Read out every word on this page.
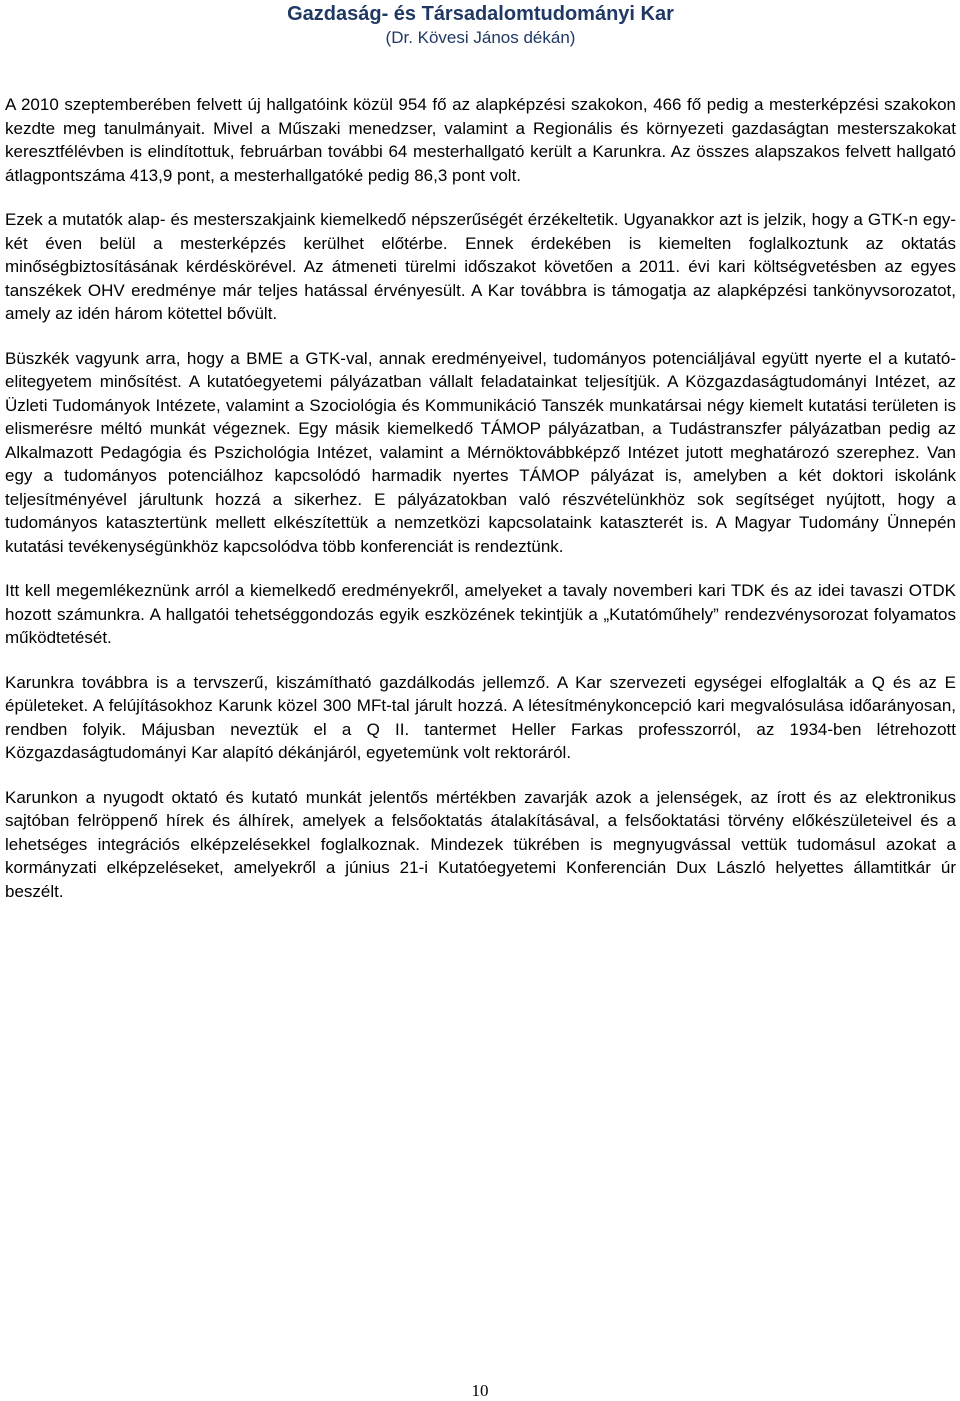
Gazdaság- és Társadalomtudományi Kar
(Dr. Kövesi János dékán)

A 2010 szeptemberében felvett új hallgatóink közül 954 fő az alapképzési szakokon, 466 fő pedig a mesterképzési szakokon kezdte meg tanulmányait. Mivel a Műszaki menedzser, valamint a Regionális és környezeti gazdaságtan mesterszakokat keresztfélévben is elindítottuk, februárban további 64 mesterhallgató került a Karunkra. Az összes alapszakos felvett hallgató átlagpontszáma 413,9 pont, a mesterhallgatóké pedig 86,3 pont volt.

Ezek a mutatók alap- és mesterszakjaink kiemelkedő népszerűségét érzékeltetik. Ugyanakkor azt is jelzik, hogy a GTK-n egy-két éven belül a mesterképzés kerülhet előtérbe. Ennek érdekében is kiemelten foglalkoztunk az oktatás minőségbiztosításának kérdéskörével. Az átmeneti türelmi időszakot követően a 2011. évi kari költségvetésben az egyes tanszékek OHV eredménye már teljes hatással érvényesült. A Kar továbbra is támogatja az alapképzési tankönyvsorozatot, amely az idén három kötettel bővült.

Büszkék vagyunk arra, hogy a BME a GTK-val, annak eredményeivel, tudományos potenciáljával együtt nyerte el a kutató-elitegyetem minősítést. A kutatóegyetemi pályázatban vállalt feladatainkat teljesítjük. A Közgazdaságtudományi Intézet, az Üzleti Tudományok Intézete, valamint a Szociológia és Kommunikáció Tanszék munkatársai négy kiemelt kutatási területen is elismerésre méltó munkát végeznek. Egy másik kiemelkedő TÁMOP pályázatban, a Tudástranszfer pályázatban pedig az Alkalmazott Pedagógia és Pszichológia Intézet, valamint a Mérnöktovábbképző Intézet jutott meghatározó szerephez. Van egy a tudományos potenciálhoz kapcsolódó harmadik nyertes TÁMOP pályázat is, amelyben a két doktori iskolánk teljesítményével járultunk hozzá a sikerhez. E pályázatokban való részvételünkhöz sok segítséget nyújtott, hogy a tudományos katasztertünk mellett elkészítettük a nemzetközi kapcsolataink kataszterét is. A Magyar Tudomány Ünnepén kutatási tevékenységünkhöz kapcsolódva több konferenciát is rendeztünk.

Itt kell megemlékeznünk arról a kiemelkedő eredményekről, amelyeket a tavaly novemberi kari TDK és az idei tavaszi OTDK hozott számunkra. A hallgatói tehetséggondozás egyik eszközének tekintjük a „Kutatóműhely” rendezvénysorozat folyamatos működtetését.

Karunkra továbbra is a tervszerű, kiszámítható gazdálkodás jellemző. A Kar szervezeti egységei elfoglalták a Q és az E épületeket. A felújításokhoz Karunk közel 300 MFt-tal járult hozzá. A létesítménykoncepció kari megvalósulása időarányosan, rendben folyik. Májusban neveztük el a Q II. tantermet Heller Farkas professzorról, az 1934-ben létrehozott Közgazdaságtudományi Kar alapító dékánjáról, egyetemünk volt rektoráról.

Karunkon a nyugodt oktató és kutató munkát jelentős mértékben zavarják azok a jelenségek, az írott és az elektronikus sajtóban felröppenő hírek és álhírek, amelyek a felsőoktatás átalakításával, a felsőoktatási törvény előkészületeivel és a lehetséges integrációs elképzelésekkel foglalkoznak. Mindezek tükrében is megnyugvással vettük tudomásul azokat a kormányzati elképzeléseket, amelyekről a június 21-i Kutatóegyetemi Konferencián Dux László helyettes államtitkár úr beszélt.

10
